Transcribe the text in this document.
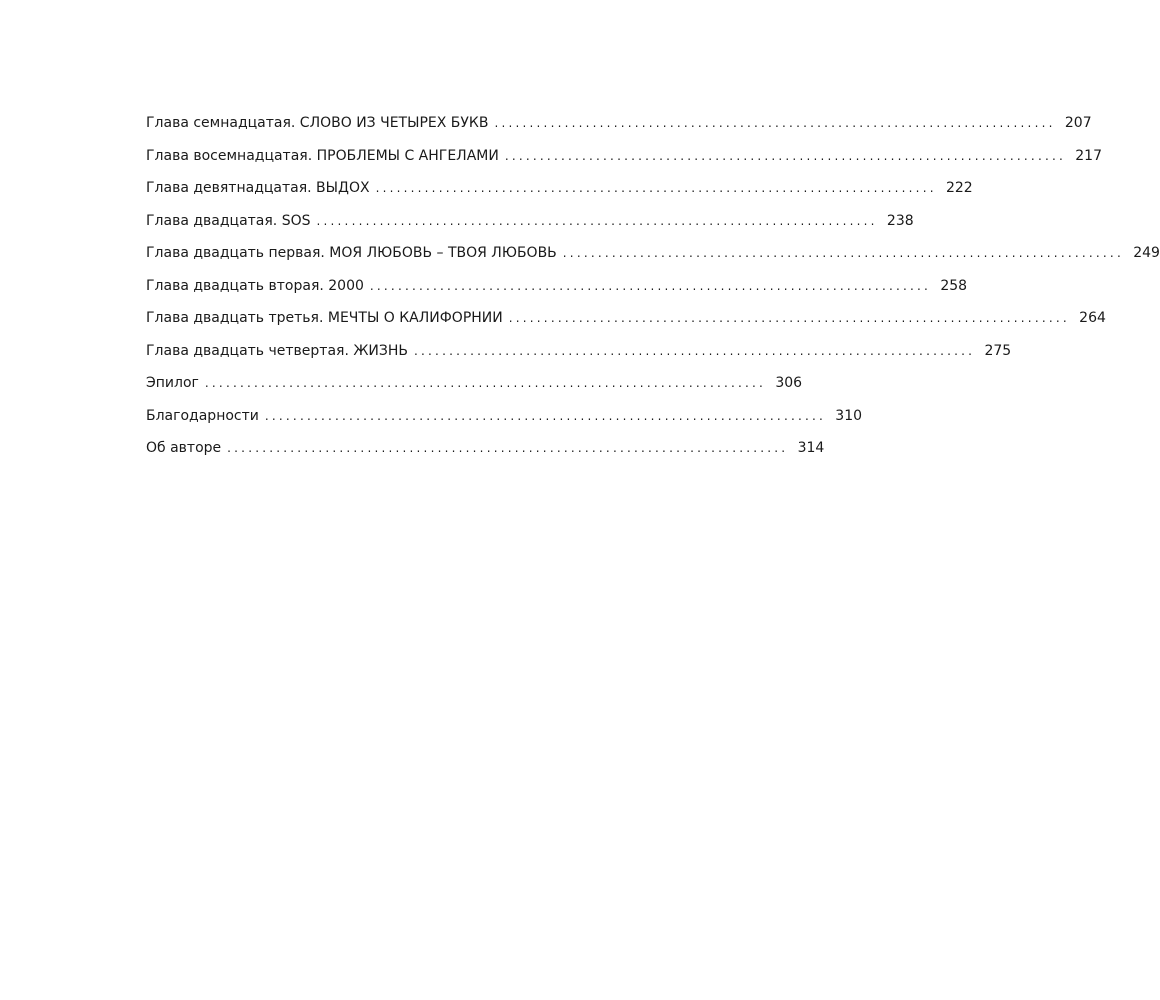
Глава семнадцатая. СЛОВО ИЗ ЧЕТЫРЕХ БУКВ ................................................................................ 207
Глава восемнадцатая. ПРОБЛЕМЫ С АНГЕЛАМИ ................................................................................ 217
Глава девятнадцатая. ВЫДОХ ................................................................................ 222
Глава двадцатая. SOS ................................................................................ 238
Глава двадцать первая. МОЯ ЛЮБОВЬ – ТВОЯ ЛЮБОВЬ ................................................................................ 249
Глава двадцать вторая. 2000 ................................................................................ 258
Глава двадцать третья. МЕЧТЫ О КАЛИФОРНИИ ................................................................................ 264
Глава двадцать четвертая. ЖИЗНЬ ................................................................................ 275
Эпилог ................................................................................ 306
Благодарности ................................................................................ 310
Об авторе ................................................................................ 314
